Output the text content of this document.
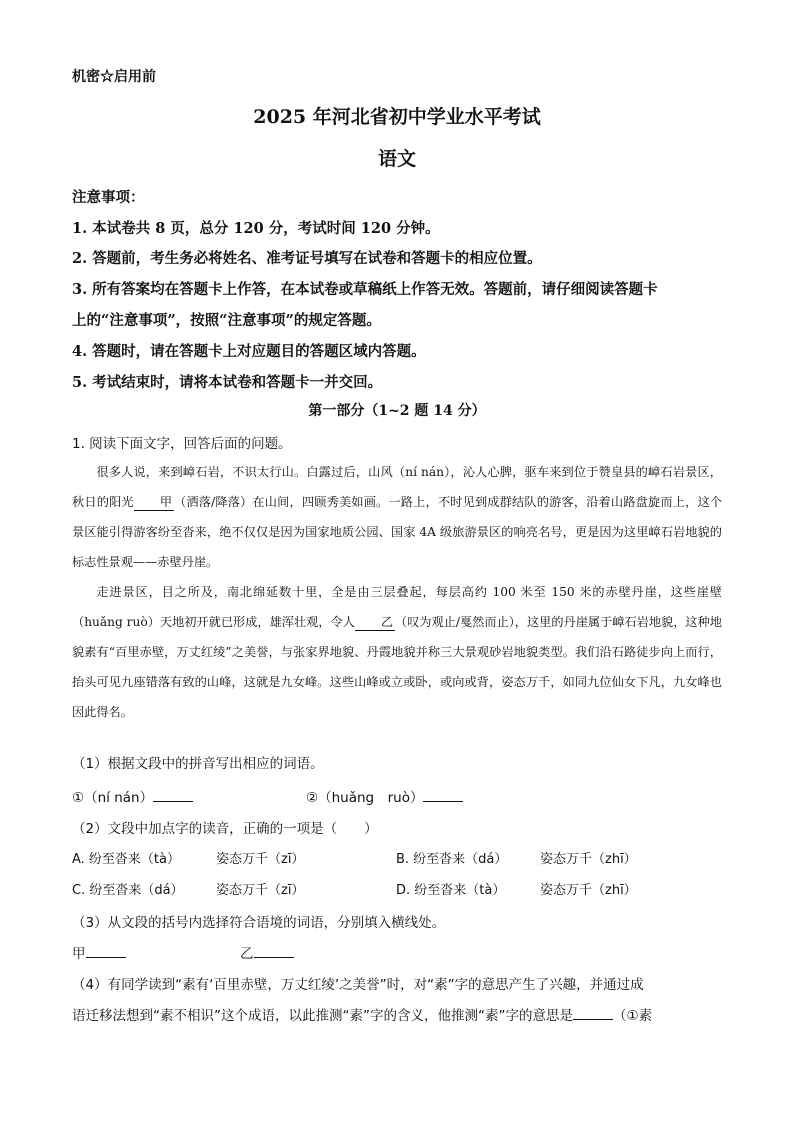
机密☆启用前
2025 年河北省初中学业水平考试
语文
注意事项：
1. 本试卷共 8 页，总分 120 分，考试时间 120 分钟。
2. 答题前，考生务必将姓名、准考证号填写在试卷和答题卡的相应位置。
3. 所有答案均在答题卡上作答，在本试卷或草稿纸上作答无效。答题前，请仔细阅读答题卡
上的“注意事项”，按照“注意事项”的规定答题。
4. 答题时，请在答题卡上对应题目的答题区域内答题。
5. 考试结束时，请将本试卷和答题卡一并交回。
第一部分（1~2 题 14 分）
1. 阅读下面文字，回答后面的问题。

很多人说，来到嶂石岩，不识太行山。白露过后，山风（ní nán），沁人心脾，驱车来到位于赞皇县的嶂石岩景区，秋日的阳光 甲 （洒落/降落）在山间，四顾秀美如画。一路上，不时见到成群结队的游客，沿着山路盘旋而上，这个景区能引得游客纷至沓来，绝不仅仅是因为国家地质公园、国家 4A 级旅游景区的响亮名号，更是因为这里嶂石岩地貌的标志性景观——赤壁丹崖。

走进景区，目之所及，南北绵延数十里，全是由三层叠起，每层高约 100 米至 150 米的赤壁丹崖，这些崖壁（huǎng ruò）天地初开就已形成，雄浑壮观，令人 乙 （叹为观止/戛然而止），这里的丹崖属于嶂石岩地貌，这种地貌素有“百里赤壁，万丈红绫”之美誉，与张家界地貌、丹霞地貌并称三大景观砂岩地貌类型。我们沿石路徒步向上而行，抬头可见九座错落有致的山峰，这就是九女峰。这些山峰或立或卧，或向或背，姿态万千，如同九位仙女下凡，九女峰也因此得名。

（1）根据文段中的拼音写出相应的词语。
①（ní nán）	②（huǎng　ruò）
（2）文段中加点字的读音，正确的一项是（　　）
A. 纷至沓来（tà）	姿态万千（zī）	B. 纷至沓来（dá）	姿态万千（zhī）
C. 纷至沓来（dá） 姿态万千（zī）	D. 纷至沓来（tà）	姿态万千（zhī）
（3）从文段的括号内选择符合语境的词语，分别填入横线处。
甲	乙
（4）有同学读到“素有‘百里赤壁，万丈红绫’之美誉”时，对“素”字的意思产生了兴趣，并通过成
语迁移法想到“素不相识”这个成语，以此推测“素”字的含义，他推测“素”字的意思是	（①素
